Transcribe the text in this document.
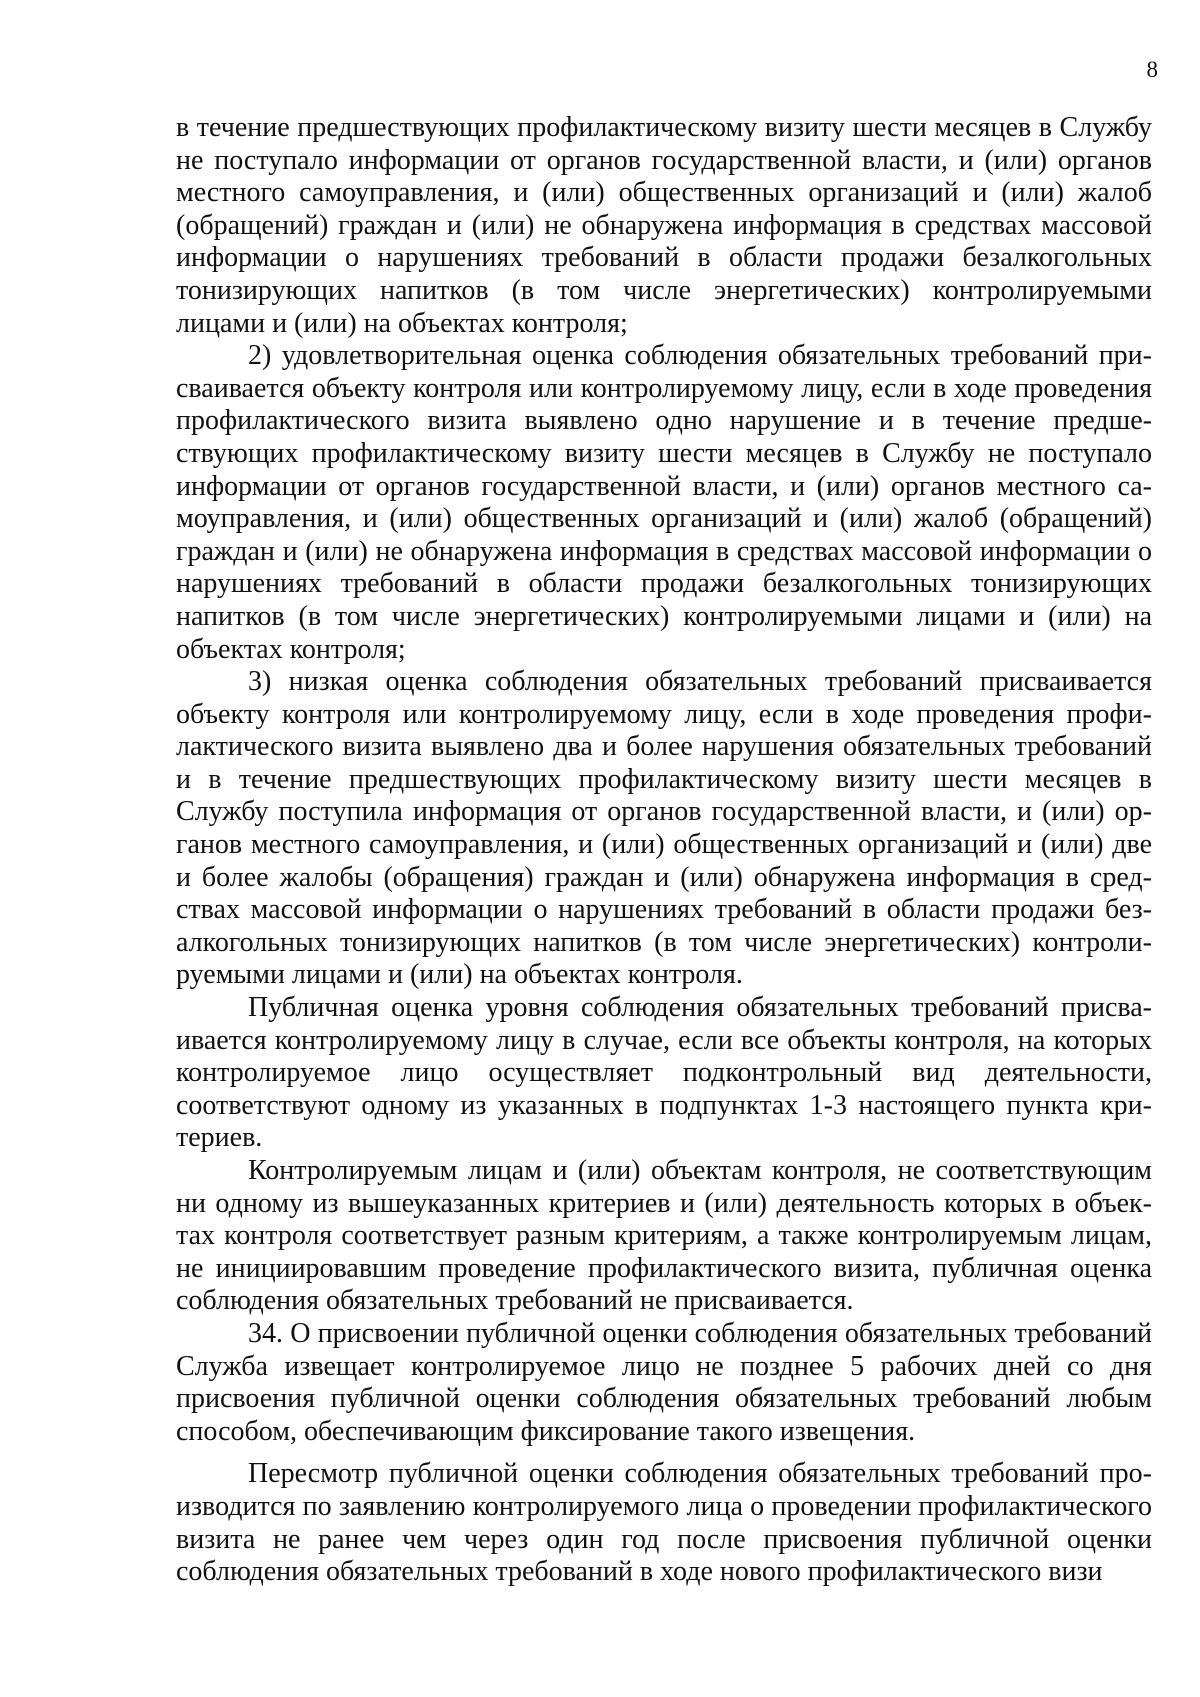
8

в течение предшествующих профилактическому визиту шести месяцев в Службу не поступало информации от органов государственной власти, и (или) органов местного самоуправления, и (или) общественных организаций и (или) жалоб (обращений) граждан и (или) не обнаружена информация в средствах массовой информации о нарушениях требований в области продажи безалкогольных тонизирующих напитков (в том числе энергетических) контролируемыми лицами и (или) на объектах контроля;

2) удовлетворительная оценка соблюдения обязательных требований присваивается объекту контроля или контролируемому лицу, если в ходе проведения профилактического визита выявлено одно нарушение и в течение предшествующих профилактическому визиту шести месяцев в Службу не поступало информации от органов государственной власти, и (или) органов местного самоуправления, и (или) общественных организаций и (или) жалоб (обращений) граждан и (или) не обнаружена информация в средствах массовой информации о нарушениях требований в области продажи безалкогольных тонизирующих напитков (в том числе энергетических) контролируемыми лицами и (или) на объектах контроля;

3) низкая оценка соблюдения обязательных требований присваивается объекту контроля или контролируемому лицу, если в ходе проведения профилактического визита выявлено два и более нарушения обязательных требований и в течение предшествующих профилактическому визиту шести месяцев в Службу поступила информация от органов государственной власти, и (или) органов местного самоуправления, и (или) общественных организаций и (или) две и более жалобы (обращения) граждан и (или) обнаружена информация в средствах массовой информации о нарушениях требований в области продажи безалкогольных тонизирующих напитков (в том числе энергетических) контролируемыми лицами и (или) на объектах контроля.

Публичная оценка уровня соблюдения обязательных требований присваивается контролируемому лицу в случае, если все объекты контроля, на которых контролируемое лицо осуществляет подконтрольный вид деятельности, соответствуют одному из указанных в подпунктах 1-3 настоящего пункта критериев.

Контролируемым лицам и (или) объектам контроля, не соответствующим ни одному из вышеуказанных критериев и (или) деятельность которых в объектах контроля соответствует разным критериям, а также контролируемым лицам, не инициировавшим проведение профилактического визита, публичная оценка соблюдения обязательных требований не присваивается.

34. О присвоении публичной оценки соблюдения обязательных требований Служба извещает контролируемое лицо не позднее 5 рабочих дней со дня присвоения публичной оценки соблюдения обязательных требований любым способом, обеспечивающим фиксирование такого извещения.

Пересмотр публичной оценки соблюдения обязательных требований производится по заявлению контролируемого лица о проведении профилактического визита не ранее чем через один год после присвоения публичной оценки соблюдения обязательных требований в ходе нового профилактического визи
